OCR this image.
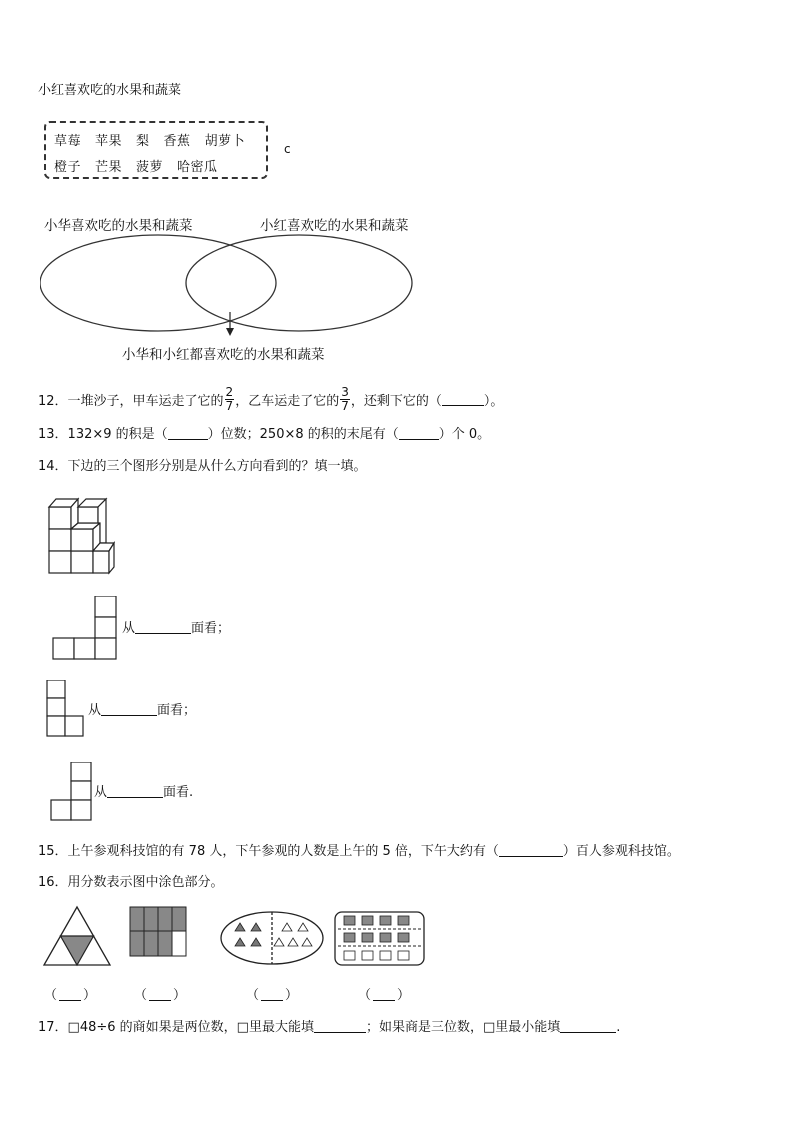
小红喜欢吃的水果和蔬菜
草莓 苹果 梨 香蕉 胡萝卜
橙子 芒果 菠萝 哈密瓜
c
小华喜欢吃的水果和蔬菜	小红喜欢吃的水果和蔬菜
小华和小红都喜欢吃的水果和蔬菜
12．一堆沙子，甲车运走了它的 $\frac{2}{7}$ ，乙车运走了它的 $\frac{3}{7}$ ，还剩下它的（	）。
13．132×9 的积是（	）位数；250×8 的积的末尾有（	）个 0。
14．下边的三个图形分别是从什么方向看到的？填一填。
从	面看；
从	面看；
从	面看.
15．上午参观科技馆的有 78 人，下午参观的人数是上午的 5 倍，下午大约有（	）百人参观科技馆。
16．用分数表示图中涂色部分。
（ ）	（ ）	（ ）	（ ）
17．□48÷6 的商如果是两位数，□里最大能填	；如果商是三位数，□里最小能填	.
